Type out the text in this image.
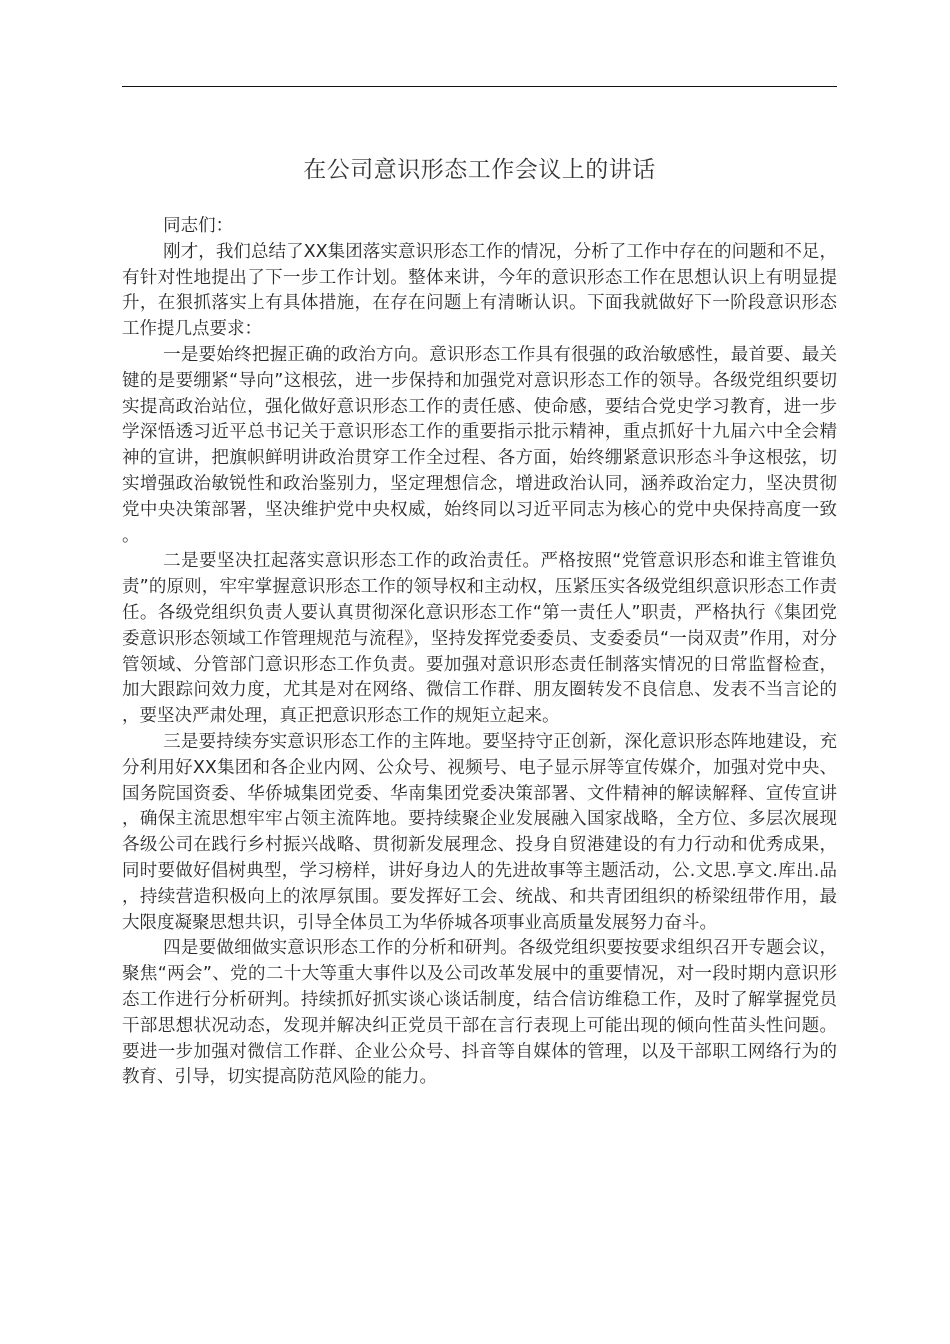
在公司意识形态工作会议上的讲话

同志们：

刚才，我们总结了XX集团落实意识形态工作的情况，分析了工作中存在的问题和不足，有针对性地提出了下一步工作计划。整体来讲，今年的意识形态工作在思想认识上有明显提升，在狠抓落实上有具体措施，在存在问题上有清晰认识。下面我就做好下一阶段意识形态工作提几点要求：

一是要始终把握正确的政治方向。意识形态工作具有很强的政治敏感性，最首要、最关键的是要绷紧“导向”这根弦，进一步保持和加强党对意识形态工作的领导。各级党组织要切实提高政治站位，强化做好意识形态工作的责任感、使命感，要结合党史学习教育，进一步学深悟透习近平总书记关于意识形态工作的重要指示批示精神，重点抓好十九届六中全会精神的宣讲，把旗帜鲜明讲政治贯穿工作全过程、各方面，始终绷紧意识形态斗争这根弦，切实增强政治敏锐性和政治鉴别力，坚定理想信念，增进政治认同，涵养政治定力，坚决贯彻党中央决策部署，坚决维护党中央权威，始终同以习近平同志为核心的党中央保持高度一致。

二是要坚决扛起落实意识形态工作的政治责任。严格按照“党管意识形态和谁主管谁负责”的原则，牢牢掌握意识形态工作的领导权和主动权，压紧压实各级党组织意识形态工作责任。各级党组织负责人要认真贯彻深化意识形态工作“第一责任人”职责，严格执行《集团党委意识形态领域工作管理规范与流程》，坚持发挥党委委员、支委委员“一岗双责”作用，对分管领域、分管部门意识形态工作负责。要加强对意识形态责任制落实情况的日常监督检查，加大跟踪问效力度，尤其是对在网络、微信工作群、朋友圈转发不良信息、发表不当言论的，要坚决严肃处理，真正把意识形态工作的规矩立起来。

三是要持续夯实意识形态工作的主阵地。要坚持守正创新，深化意识形态阵地建设，充分利用好XX集团和各企业内网、公众号、视频号、电子显示屏等宣传媒介，加强对党中央、国务院国资委、华侨城集团党委、华南集团党委决策部署、文件精神的解读解释、宣传宣讲，确保主流思想牢牢占领主流阵地。要持续聚企业发展融入国家战略，全方位、多层次展现各级公司在践行乡村振兴战略、贯彻新发展理念、投身自贸港建设的有力行动和优秀成果，同时要做好倡树典型，学习榜样，讲好身边人的先进故事等主题活动，公.文思.享文.库出.品，持续营造积极向上的浓厚氛围。要发挥好工会、统战、和共青团组织的桥梁纽带作用，最大限度凝聚思想共识，引导全体员工为华侨城各项事业高质量发展努力奋斗。

四是要做细做实意识形态工作的分析和研判。各级党组织要按要求组织召开专题会议，聚焦“两会”、党的二十大等重大事件以及公司改革发展中的重要情况，对一段时期内意识形态工作进行分析研判。持续抓好抓实谈心谈话制度，结合信访维稳工作，及时了解掌握党员干部思想状况动态，发现并解决纠正党员干部在言行表现上可能出现的倾向性苗头性问题。要进一步加强对微信工作群、企业公众号、抖音等自媒体的管理，以及干部职工网络行为的教育、引导，切实提高防范风险的能力。
